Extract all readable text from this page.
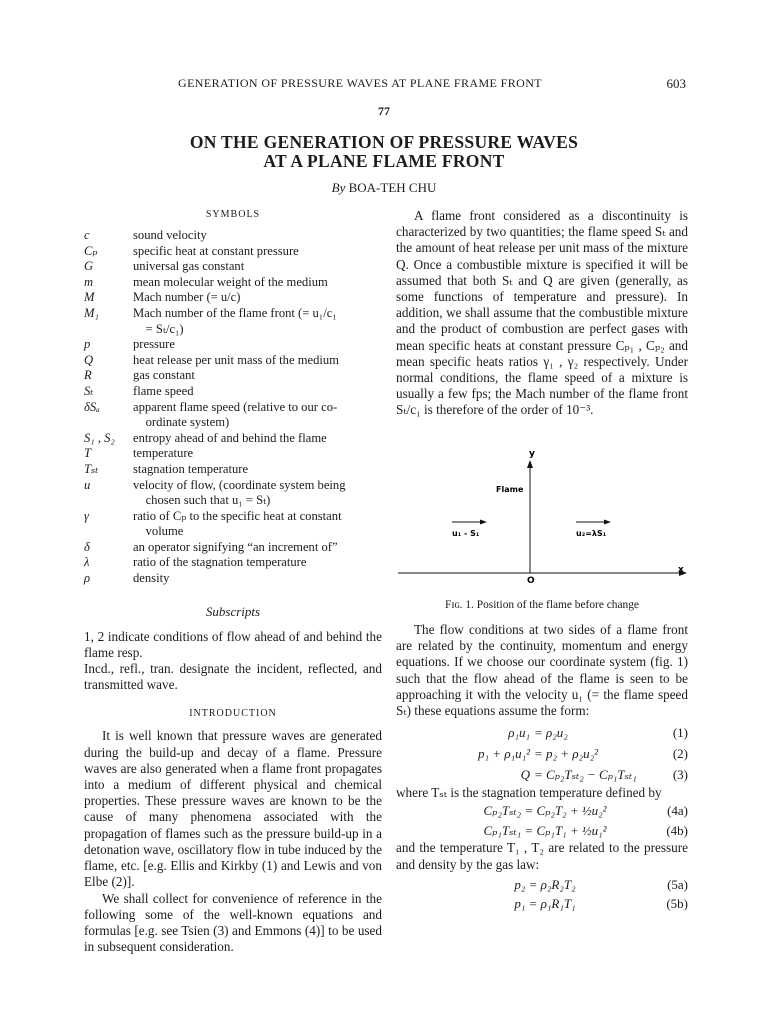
GENERATION OF PRESSURE WAVES AT PLANE FRAME FRONT	603
77
ON THE GENERATION OF PRESSURE WAVES
AT A PLANE FLAME FRONT
By BOA-TEH CHU
SYMBOLS
c	sound velocity
Cₚ	specific heat at constant pressure
G	universal gas constant
m	mean molecular weight of the medium
M	Mach number (= u/c)
M₁	Mach number of the flame front (= u₁/c₁
= Sₜ/c₁)
p	pressure
Q	heat release per unit mass of the medium
R	gas constant
Sₜ	flame speed
δSₐ	apparent flame speed (relative to our co-
ordinate system)
S₁ , S₂	entropy ahead of and behind the flame
T	temperature
Tₛₜ	stagnation temperature
u	velocity of flow, (coordinate system being
chosen such that u₁ = Sₜ)
γ	ratio of Cₚ to the specific heat at constant
volume
δ	an operator signifying “an increment of”
λ	ratio of the stagnation temperature
ρ	density
Subscripts
1, 2 indicate conditions of flow ahead of and behind the flame resp.
Incd., refl., tran. designate the incident, reflected, and transmitted wave.
INTRODUCTION
It is well known that pressure waves are generated during the build-up and decay of a flame. Pressure waves are also generated when a flame front propagates into a medium of different physical and chemical properties. These pressure waves are known to be the cause of many phenomena associated with the propagation of flames such as the pressure build-up in a detonation wave, oscillatory flow in tube induced by the flame, etc. [e.g. Ellis and Kirkby (1) and Lewis and von Elbe (2)].
We shall collect for convenience of reference in the following some of the well-known equations and formulas [e.g. see Tsien (3) and Emmons (4)] to be used in subsequent consideration.
A flame front considered as a discontinuity is characterized by two quantities; the flame speed Sₜ and the amount of heat release per unit mass of the mixture Q. Once a combustible mixture is specified it will be assumed that both Sₜ and Q are given (generally, as some functions of temperature and pressure). In addition, we shall assume that the combustible mixture and the product of combustion are perfect gases with mean specific heats at constant pressure Cₚ₁ , Cₚ₂ and mean specific heats ratios γ₁ , γ₂ respectively. Under normal conditions, the flame speed of a mixture is usually a few fps; the Mach number of the flame front Sₜ/c₁ is therefore of the order of 10⁻³.
y
x
O
Flame
u₁ - S₁	u₂=λS₁
Fɪɢ. 1. Position of the flame before change
The flow conditions at two sides of a flame front are related by the continuity, momentum and energy equations. If we choose our coordinate system (fig. 1) such that the flow ahead of the flame is seen to be approaching it with the velocity u₁ (= the flame speed Sₜ) these equations assume the form:
ρ₁u₁ = ρ₂u₂	(1)
p₁ + ρ₁u₁² = p₂ + ρ₂u₂²	(2)
Q = Cₚ₂Tₛₜ₂ − Cₚ₁Tₛₜ₁	(3)
where Tₛₜ is the stagnation temperature defined by
Cₚ₂Tₛₜ₂ = Cₚ₂T₂ + ½u₂²	(4a)
Cₚ₁Tₛₜ₁ = Cₚ₁T₁ + ½u₁²	(4b)
and the temperature T₁ , T₂ are related to the pressure and density by the gas law:
p₂ = ρ₂R₂T₂	(5a)
p₁ = ρ₁R₁T₁	(5b)
